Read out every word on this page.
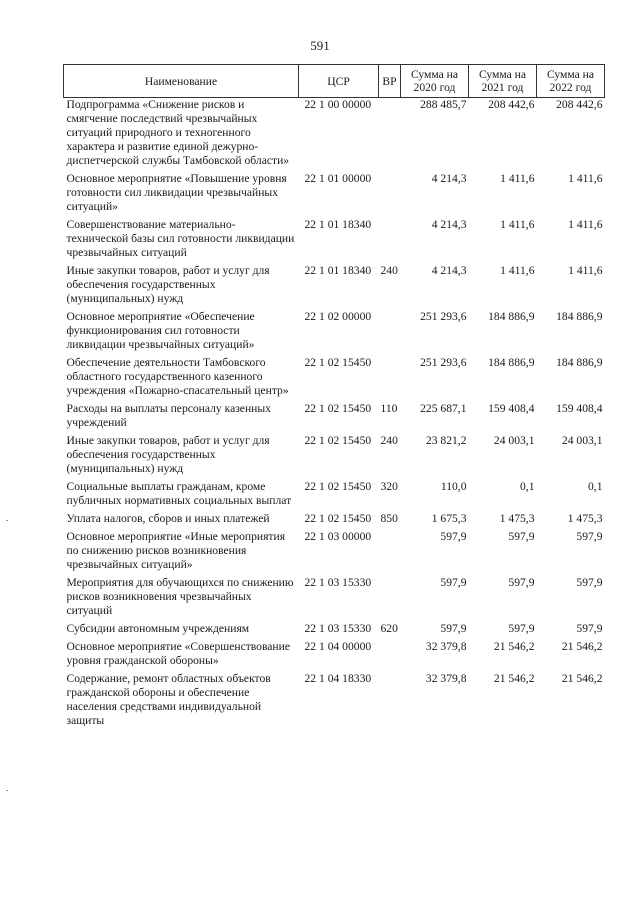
591
Наименование	ЦСР	ВР	Сумма на 2020 год	Сумма на 2021 год	Сумма на 2022 год
Подпрограмма «Снижение рисков и смягчение последствий чрезвычайных ситуаций природного и техногенного характера и развитие единой дежурно-диспетчерской службы Тамбовской области»	22 1 00 00000		288 485,7	208 442,6	208 442,6
Основное мероприятие «Повышение уровня готовности сил ликвидации чрезвычайных ситуаций»	22 1 01 00000		4 214,3	1 411,6	1 411,6
Совершенствование материально-технической базы сил готовности ликвидации чрезвычайных ситуаций	22 1 01 18340		4 214,3	1 411,6	1 411,6
Иные закупки товаров, работ и услуг для обеспечения государственных (муниципальных) нужд	22 1 01 18340	240	4 214,3	1 411,6	1 411,6
Основное мероприятие «Обеспечение функционирования сил готовности ликвидации чрезвычайных ситуаций»	22 1 02 00000		251 293,6	184 886,9	184 886,9
Обеспечение деятельности Тамбовского областного государственного казенного учреждения «Пожарно-спасательный центр»	22 1 02 15450		251 293,6	184 886,9	184 886,9
Расходы на выплаты персоналу казенных учреждений	22 1 02 15450	110	225 687,1	159 408,4	159 408,4
Иные закупки товаров, работ и услуг для обеспечения государственных (муниципальных) нужд	22 1 02 15450	240	23 821,2	24 003,1	24 003,1
Социальные выплаты гражданам, кроме публичных нормативных социальных выплат	22 1 02 15450	320	110,0	0,1	0,1
Уплата налогов, сборов и иных платежей	22 1 02 15450	850	1 675,3	1 475,3	1 475,3
Основное мероприятие «Иные мероприятия по снижению рисков возникновения чрезвычайных ситуаций»	22 1 03 00000		597,9	597,9	597,9
Мероприятия для обучающихся по снижению рисков возникновения чрезвычайных ситуаций	22 1 03 15330		597,9	597,9	597,9
Субсидии автономным учреждениям	22 1 03 15330	620	597,9	597,9	597,9
Основное мероприятие «Совершенствование уровня гражданской обороны»	22 1 04 00000		32 379,8	21 546,2	21 546,2
Содержание, ремонт областных объектов гражданской обороны и обеспечение населения средствами индивидуальной защиты	22 1 04 18330		32 379,8	21 546,2	21 546,2
